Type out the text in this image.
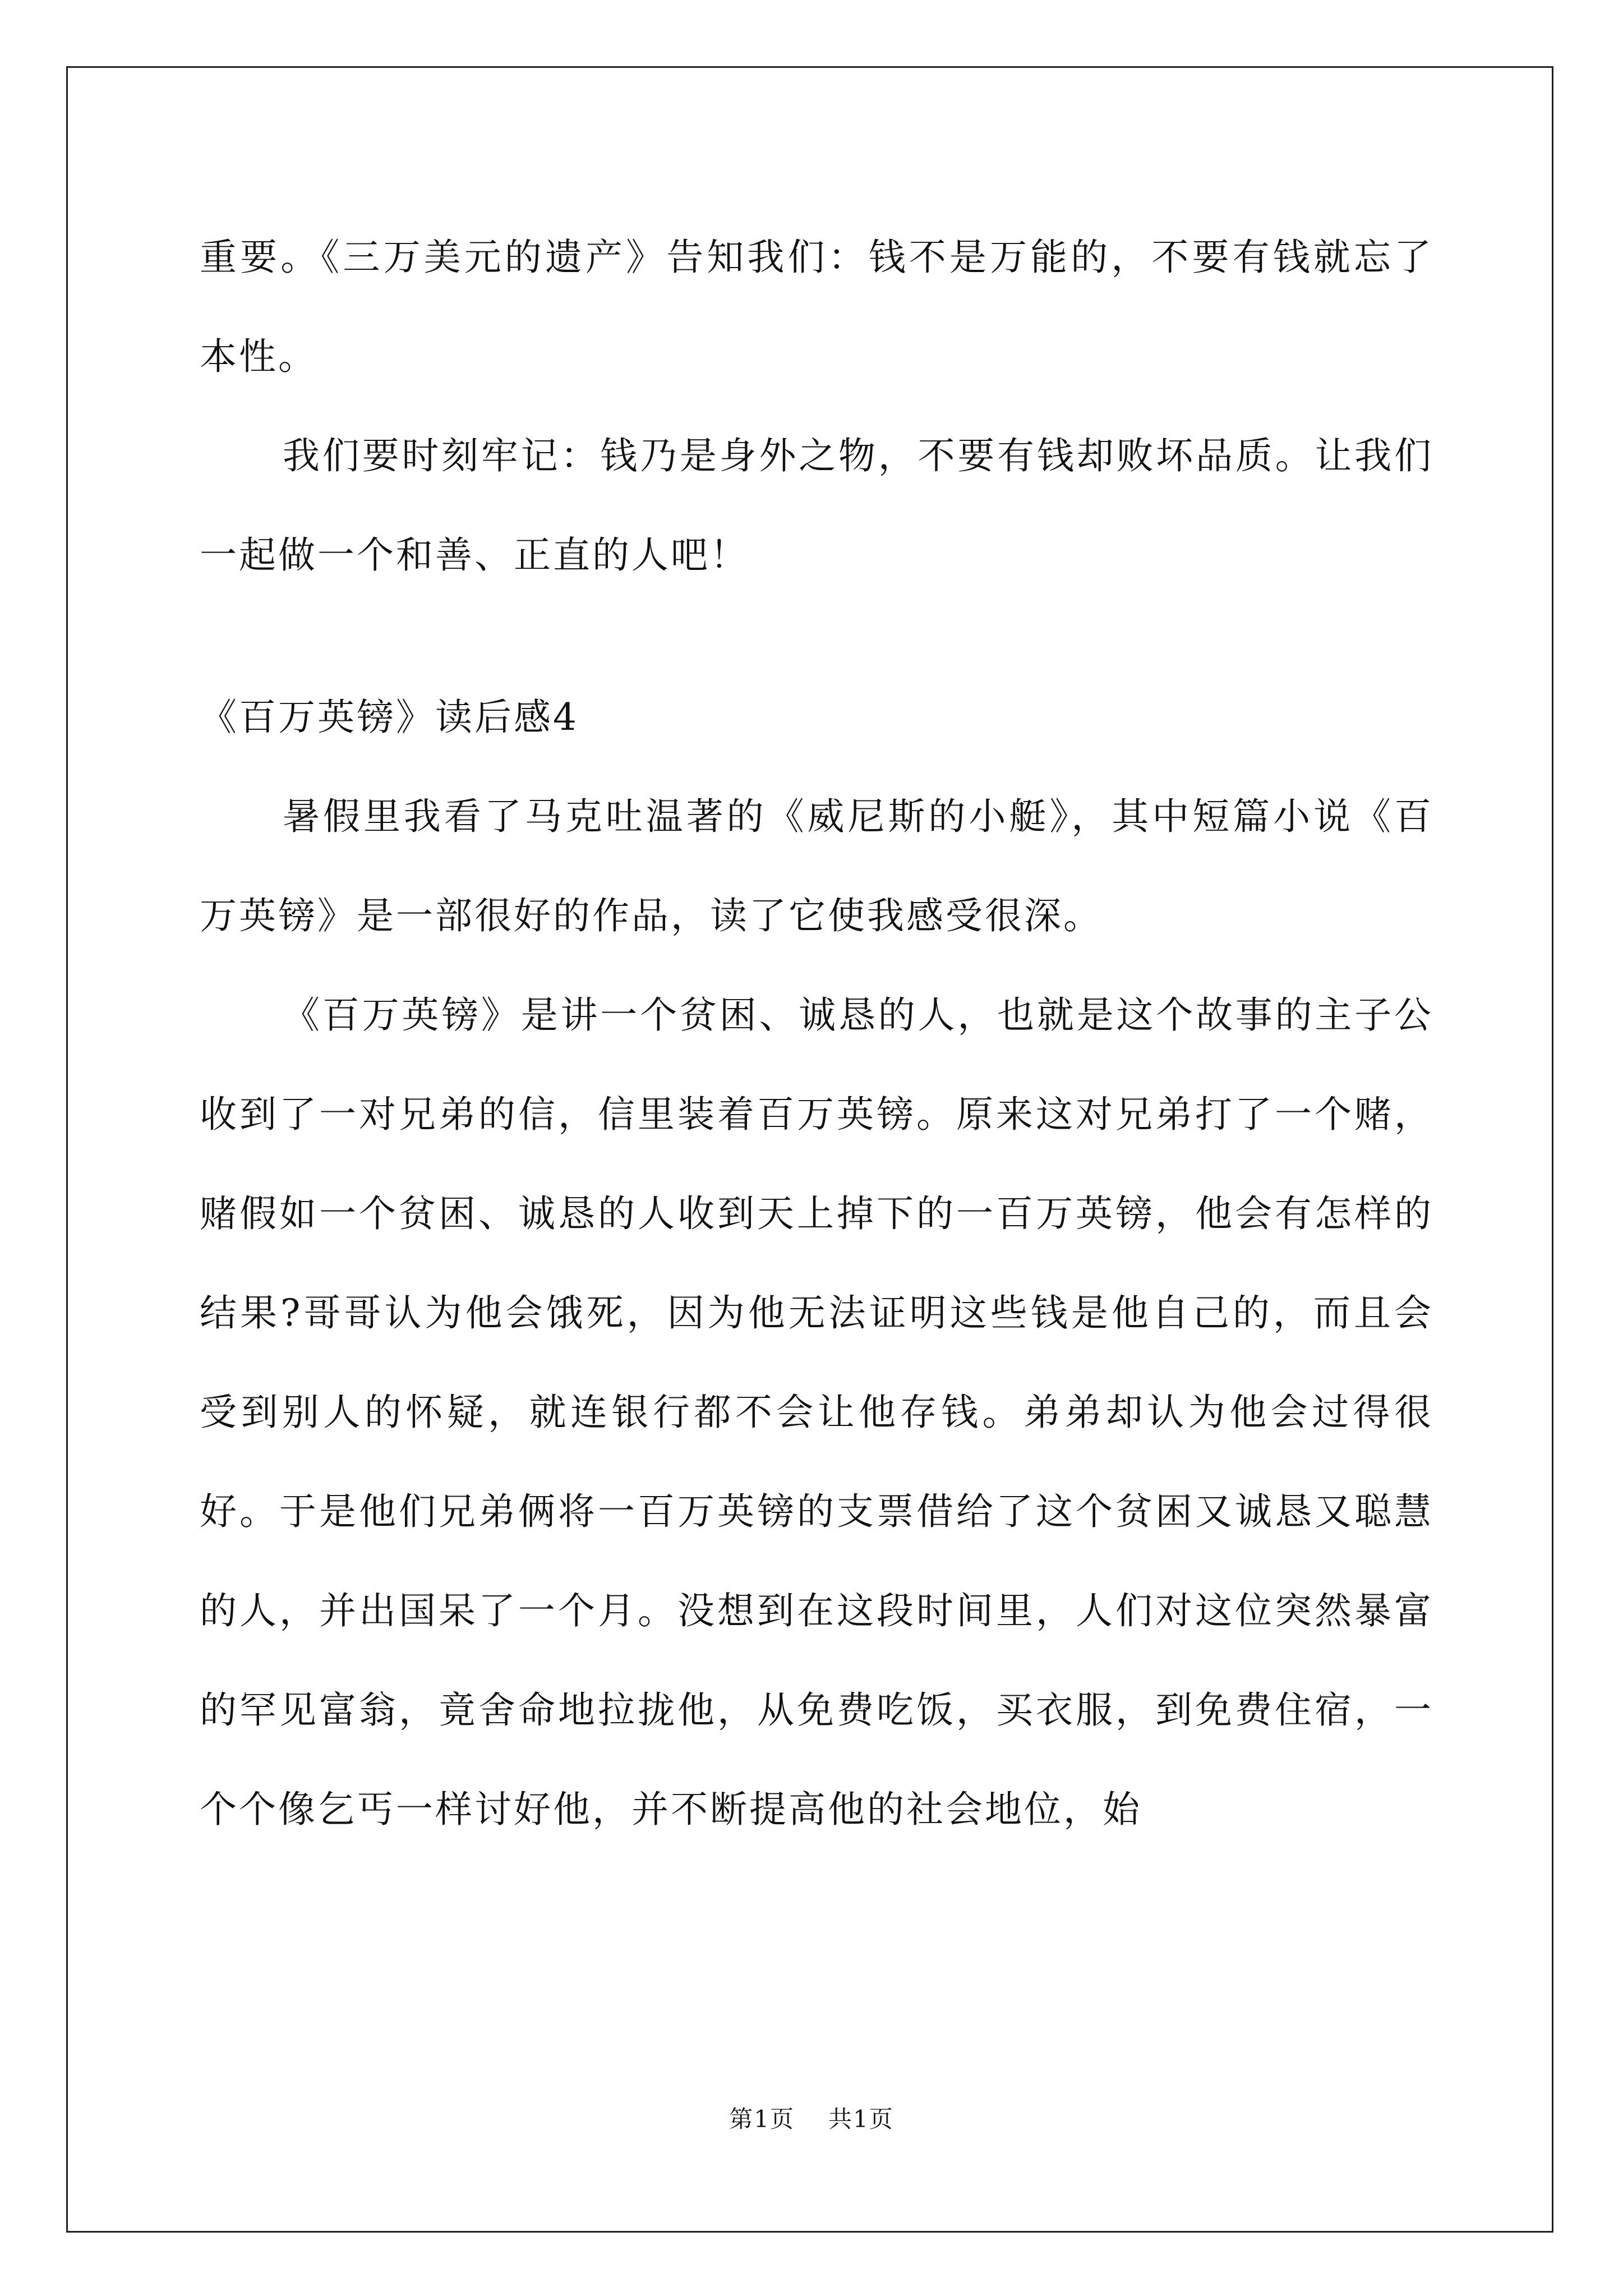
重要。《三万美元的遗产》告知我们：钱不是万能的，不要有钱就忘了本性。

我们要时刻牢记：钱乃是身外之物，不要有钱却败坏品质。让我们一起做一个和善、正直的人吧！

《百万英镑》读后感4

暑假里我看了马克吐温著的《威尼斯的小艇》，其中短篇小说《百万英镑》是一部很好的作品，读了它使我感受很深。

《百万英镑》是讲一个贫困、诚恳的人，也就是这个故事的主子公收到了一对兄弟的信，信里装着百万英镑。原来这对兄弟打了一个赌，赌假如一个贫困、诚恳的人收到天上掉下的一百万英镑，他会有怎样的结果?哥哥认为他会饿死，因为他无法证明这些钱是他自己的，而且会受到别人的怀疑，就连银行都不会让他存钱。弟弟却认为他会过得很好。于是他们兄弟俩将一百万英镑的支票借给了这个贫困又诚恳又聪慧的人，并出国呆了一个月。没想到在这段时间里，人们对这位突然暴富的罕见富翁，竟舍命地拉拢他，从免费吃饭，买衣服，到免费住宿，一个个像乞丐一样讨好他，并不断提高他的社会地位，始

第1页 共1页
